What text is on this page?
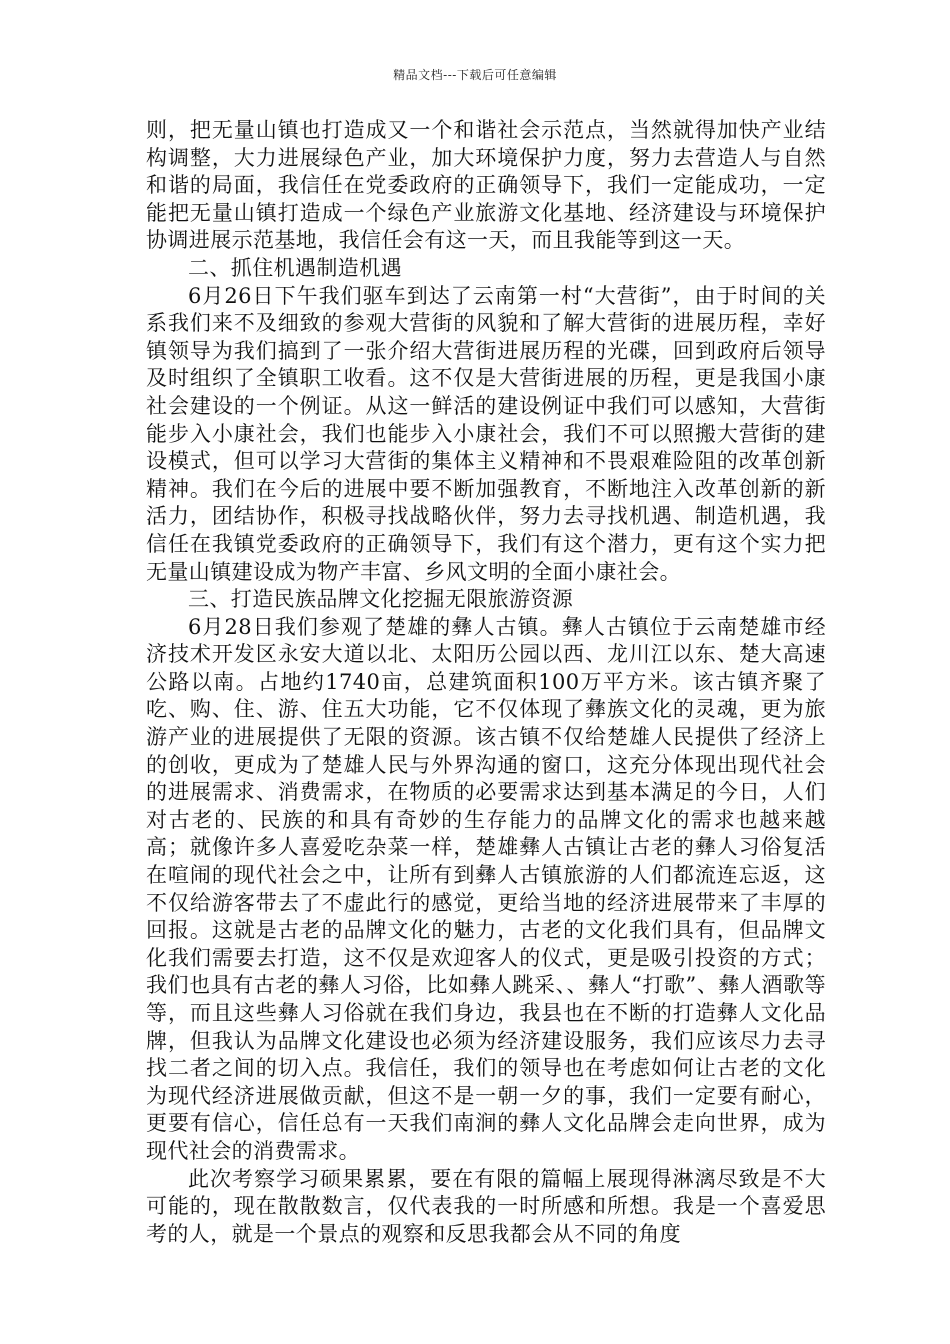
精品文档---下载后可任意编辑

则，把无量山镇也打造成又一个和谐社会示范点，当然就得加快产业结构调整，大力进展绿色产业，加大环境保护力度，努力去营造人与自然和谐的局面，我信任在党委政府的正确领导下，我们一定能成功，一定能把无量山镇打造成一个绿色产业旅游文化基地、经济建设与环境保护协调进展示范基地，我信任会有这一天，而且我能等到这一天。

二、抓住机遇制造机遇

6月26日下午我们驱车到达了云南第一村“大营街”，由于时间的关系我们来不及细致的参观大营街的风貌和了解大营街的进展历程，幸好镇领导为我们搞到了一张介绍大营街进展历程的光碟，回到政府后领导及时组织了全镇职工收看。这不仅是大营街进展的历程，更是我国小康社会建设的一个例证。从这一鲜活的建设例证中我们可以感知，大营街能步入小康社会，我们也能步入小康社会，我们不可以照搬大营街的建设模式，但可以学习大营街的集体主义精神和不畏艰难险阻的改革创新精神。我们在今后的进展中要不断加强教育，不断地注入改革创新的新活力，团结协作，积极寻找战略伙伴，努力去寻找机遇、制造机遇，我信任在我镇党委政府的正确领导下，我们有这个潜力，更有这个实力把无量山镇建设成为物产丰富、乡风文明的全面小康社会。

三、打造民族品牌文化挖掘无限旅游资源

6月28日我们参观了楚雄的彝人古镇。彝人古镇位于云南楚雄市经济技术开发区永安大道以北、太阳历公园以西、龙川江以东、楚大高速公路以南。占地约1740亩，总建筑面积100万平方米。该古镇齐聚了吃、购、住、游、住五大功能，它不仅体现了彝族文化的灵魂，更为旅游产业的进展提供了无限的资源。该古镇不仅给楚雄人民提供了经济上的创收，更成为了楚雄人民与外界沟通的窗口，这充分体现出现代社会的进展需求、消费需求，在物质的必要需求达到基本满足的今日，人们对古老的、民族的和具有奇妙的生存能力的品牌文化的需求也越来越高；就像许多人喜爱吃杂菜一样，楚雄彝人古镇让古老的彝人习俗复活在喧闹的现代社会之中，让所有到彝人古镇旅游的人们都流连忘返，这不仅给游客带去了不虚此行的感觉，更给当地的经济进展带来了丰厚的回报。这就是古老的品牌文化的魅力，古老的文化我们具有，但品牌文化我们需要去打造，这不仅是欢迎客人的仪式，更是吸引投资的方式；我们也具有古老的彝人习俗，比如彝人跳采、、彝人“打歌”、彝人酒歌等等，而且这些彝人习俗就在我们身边，我县也在不断的打造彝人文化品牌，但我认为品牌文化建设也必须为经济建设服务，我们应该尽力去寻找二者之间的切入点。我信任，我们的领导也在考虑如何让古老的文化为现代经济进展做贡献，但这不是一朝一夕的事，我们一定要有耐心，更要有信心，信任总有一天我们南涧的彝人文化品牌会走向世界，成为现代社会的消费需求。

此次考察学习硕果累累，要在有限的篇幅上展现得淋漓尽致是不大可能的，现在散散数言，仅代表我的一时所感和所想。我是一个喜爱思考的人，就是一个景点的观察和反思我都会从不同的角度
